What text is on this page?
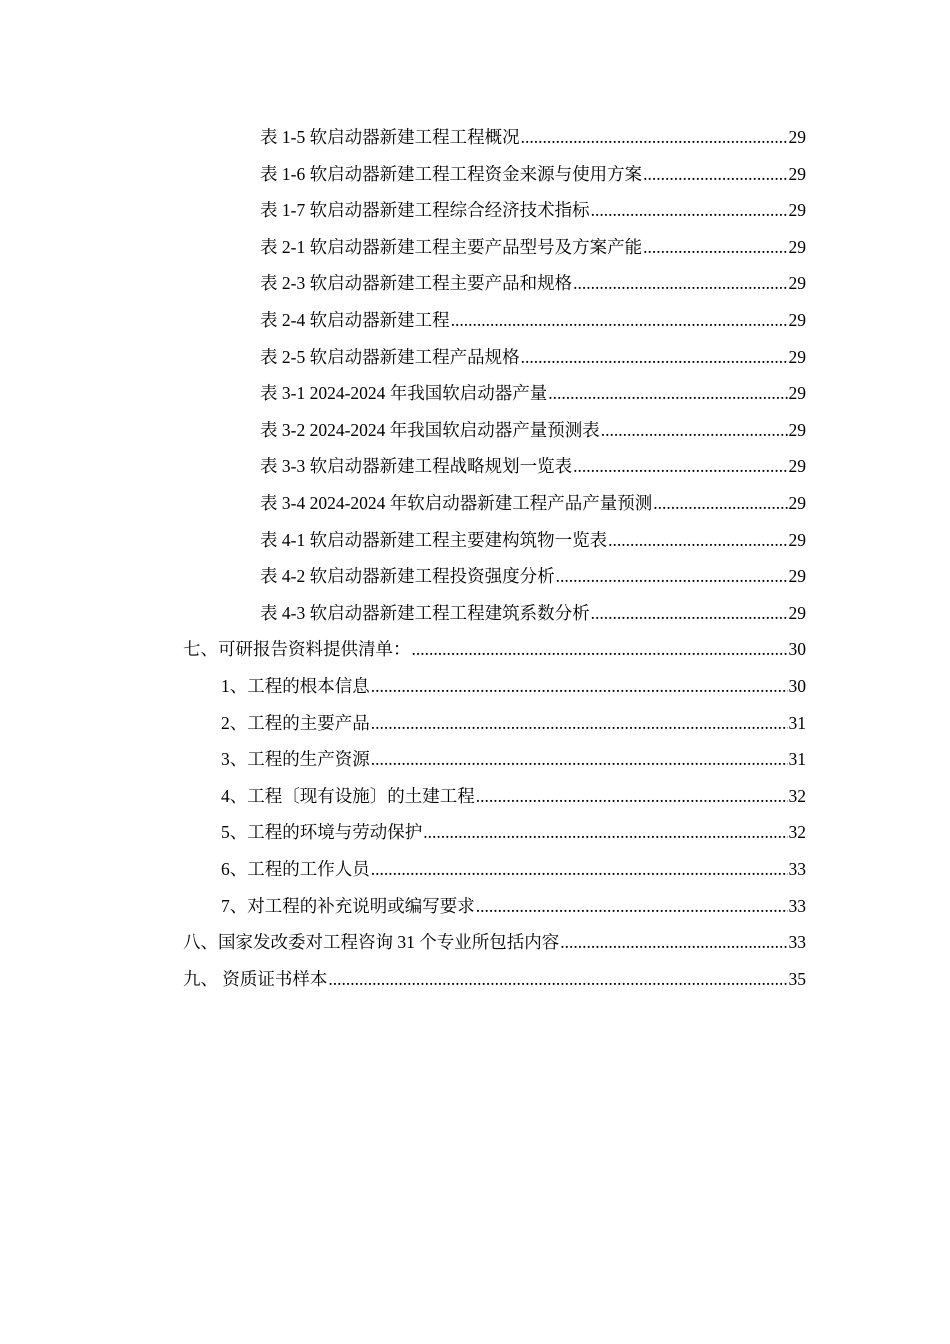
表 1-5 软启动器新建工程工程概况 .....	29
表 1-6 软启动器新建工程工程资金来源与使用方案 .....	29
表 1-7 软启动器新建工程综合经济技术指标 .....	29
表 2-1 软启动器新建工程主要产品型号及方案产能 .....	29
表 2-3 软启动器新建工程主要产品和规格 .....	29
表 2-4 软启动器新建工程 .....	29
表 2-5 软启动器新建工程产品规格 .....	29
表 3-1 2024-2024 年我国软启动器产量 .....	29
表 3-2 2024-2024 年我国软启动器产量预测表 .....	29
表 3-3 软启动器新建工程战略规划一览表 .....	29
表 3-4 2024-2024 年软启动器新建工程产品产量预测 .....	29
表 4-1 软启动器新建工程主要建构筑物一览表 .....	29
表 4-2 软启动器新建工程投资强度分析 .....	29
表 4-3 软启动器新建工程工程建筑系数分析 .....	29
七、可研报告资料提供清单： .....	30
1、工程的根本信息 .....	30
2、工程的主要产品 .....	31
3、工程的生产资源 .....	31
4、工程〔现有设施〕的土建工程 .....	32
5、工程的环境与劳动保护 .....	32
6、工程的工作人员 .....	33
7、对工程的补充说明或编写要求 .....	33
八、国家发改委对工程咨询 31 个专业所包括内容 .....	33
九、 资质证书样本 .....	35
